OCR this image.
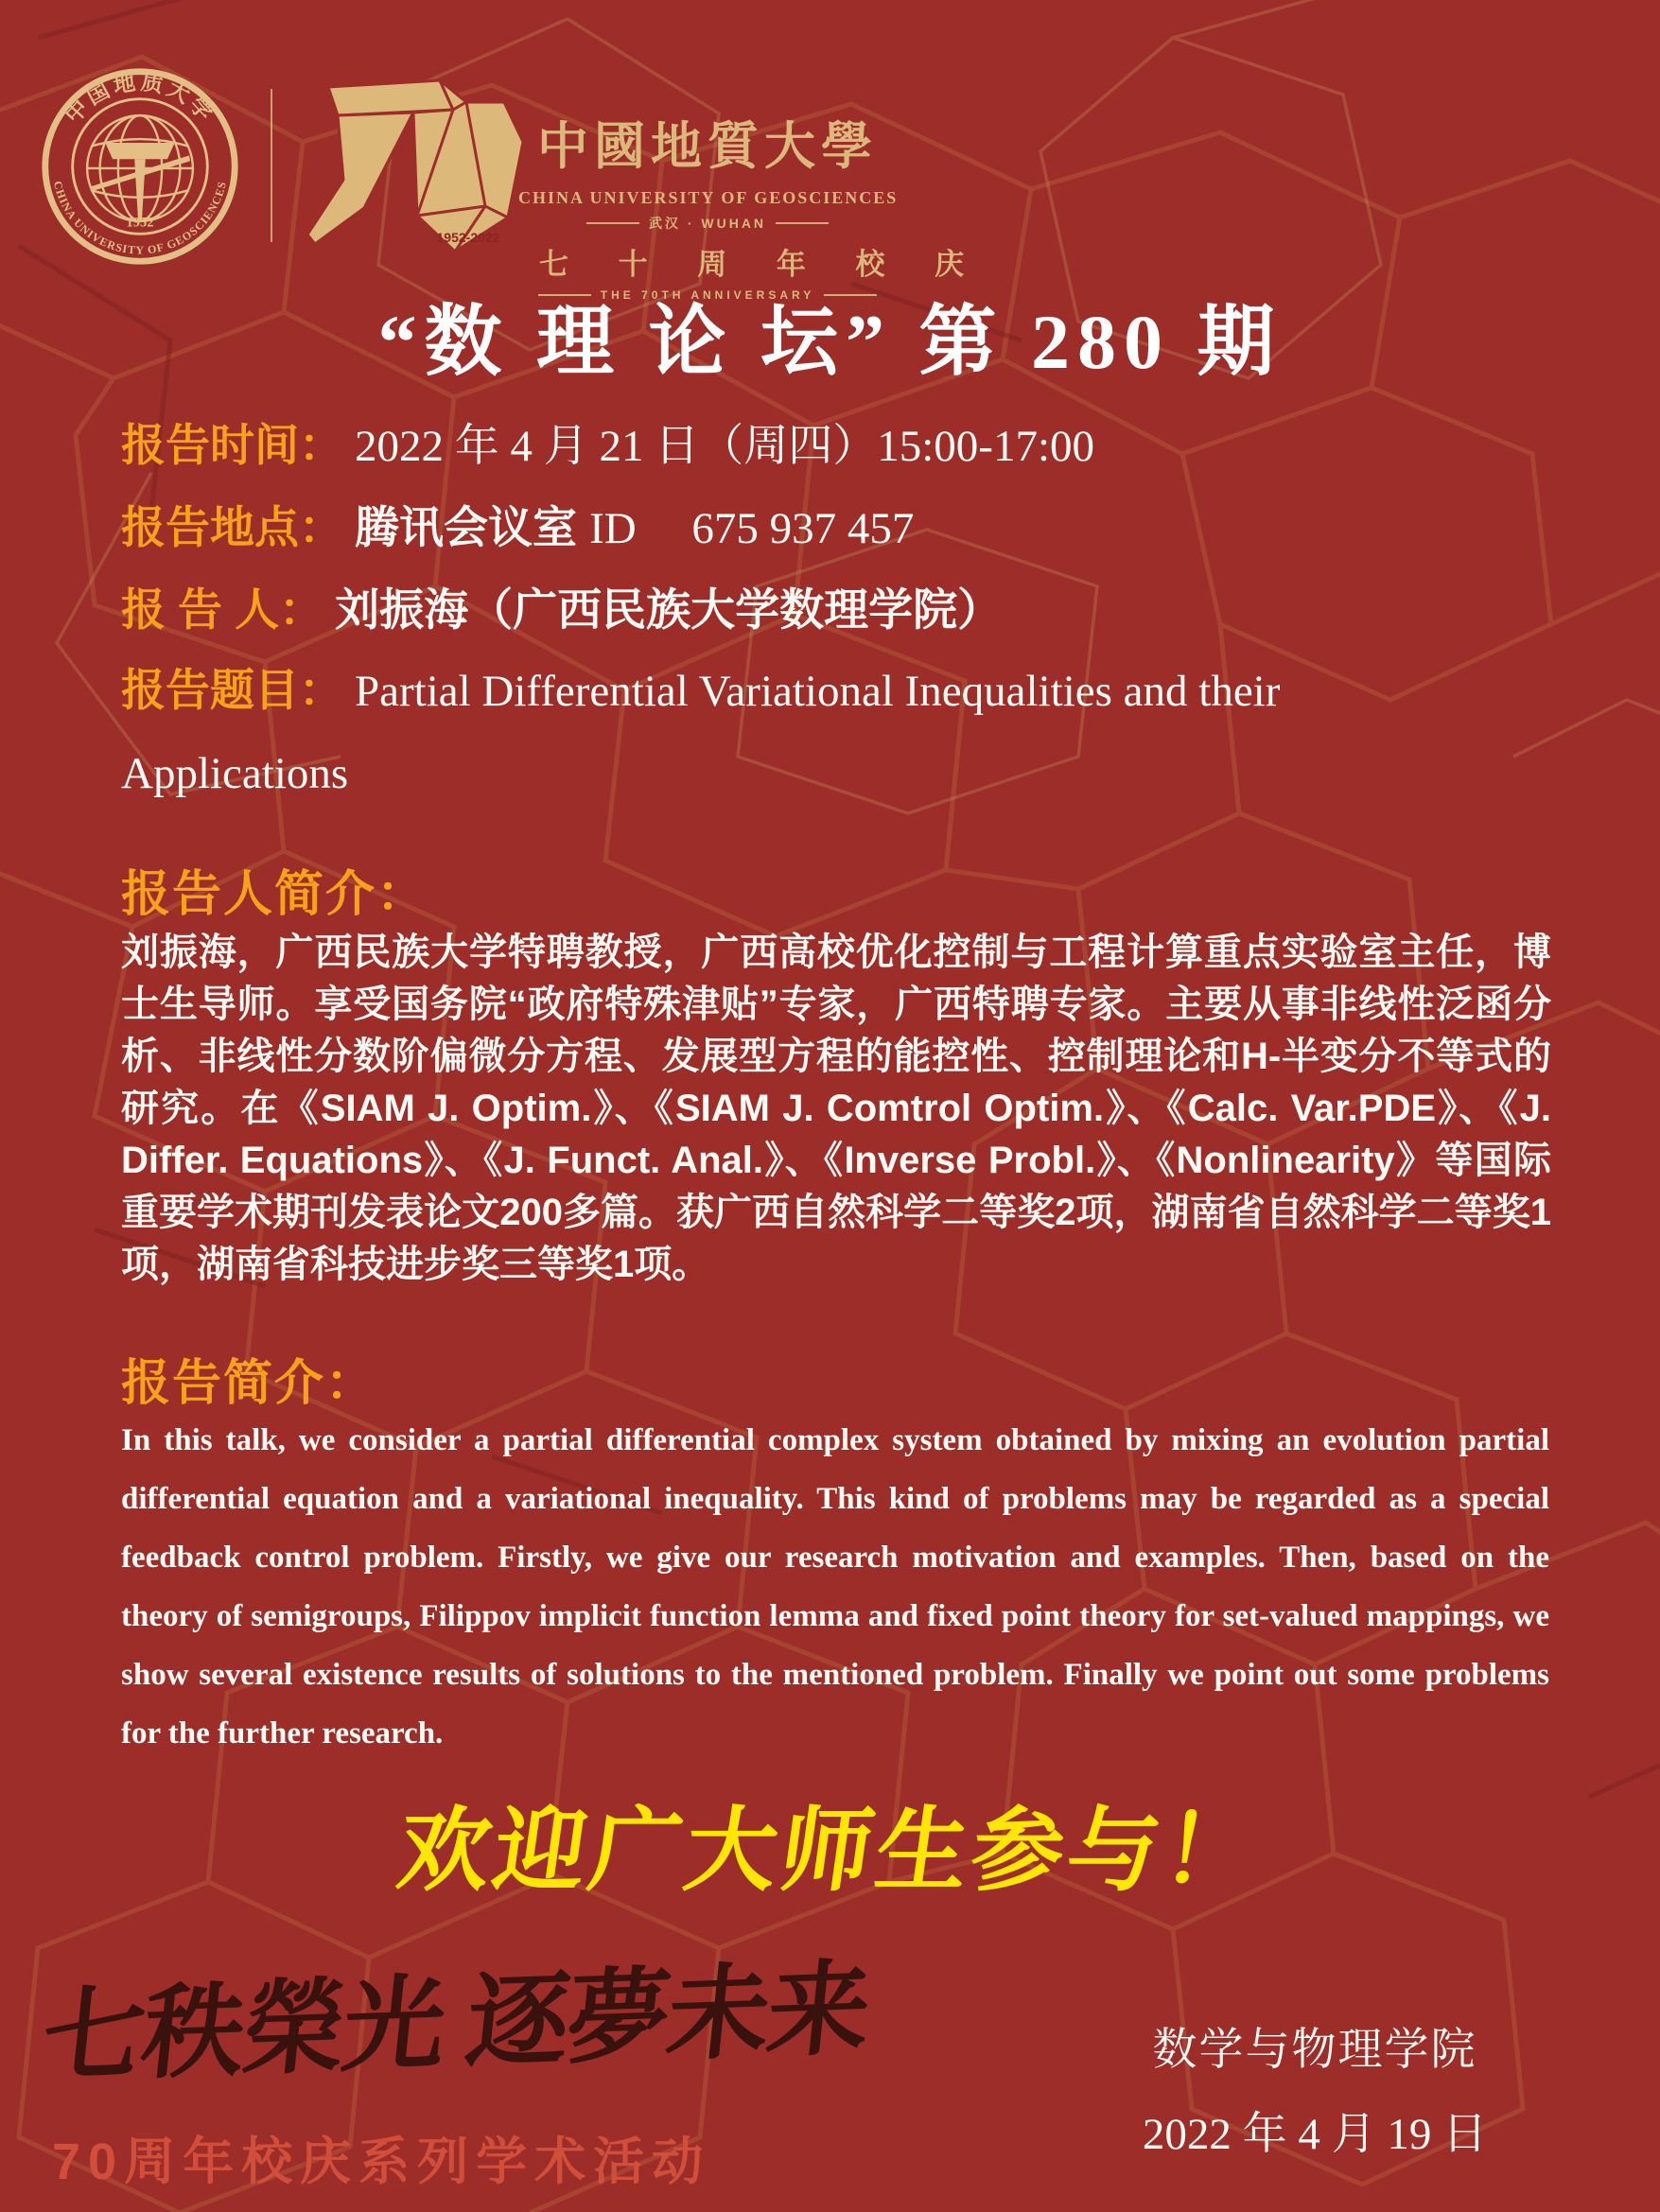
中国地质大学
CHINA UNIVERSITY OF GEOSCIENCES
1952
1952-2022
中國地質大學
CHINA UNIVERSITY OF GEOSCIENCES
武汉 · WUHAN
七 十 周 年 校 庆
THE 70TH ANNIVERSARY
“数 理 论 坛” 第 280 期

报告时间： 2022 年 4 月 21 日（周四）15:00-17:00

报告地点： 腾讯会议室 ID　 675 937 457

报 告 人： 刘振海（广西民族大学数理学院）

报告题目： Partial Differential Variational Inequalities and their Applications

报告人简介：
刘振海，广西民族大学特聘教授，广西高校优化控制与工程计算重点实验室主任，博士生导师。享受国务院“政府特殊津贴”专家，广西特聘专家。主要从事非线性泛函分析、非线性分数阶偏微分方程、发展型方程的能控性、控制理论和H-半变分不等式的研究。在《SIAM J. Optim.》、《SIAM J. Comtrol Optim.》、《Calc. Var.PDE》、《J. Differ. Equations》、《J. Funct. Anal.》、《Inverse Probl.》、《Nonlinearity》等国际重要学术期刊发表论文200多篇。获广西自然科学二等奖2项，湖南省自然科学二等奖1项，湖南省科技进步奖三等奖1项。
报告简介：
In this talk, we consider a partial differential complex system obtained by mixing an evolution partial differential equation and a variational inequality. This kind of problems may be regarded as a special feedback control problem. Firstly, we give our research motivation and examples. Then, based on the theory of semigroups, Filippov implicit function lemma and fixed point theory for set-valued mappings, we show several existence results of solutions to the mentioned problem. Finally we point out some problems for the further research.
欢迎广大师生参与！
七秩榮光 逐夢未来
70周年校庆系列学术活动
数学与物理学院
2022 年 4 月 19 日
